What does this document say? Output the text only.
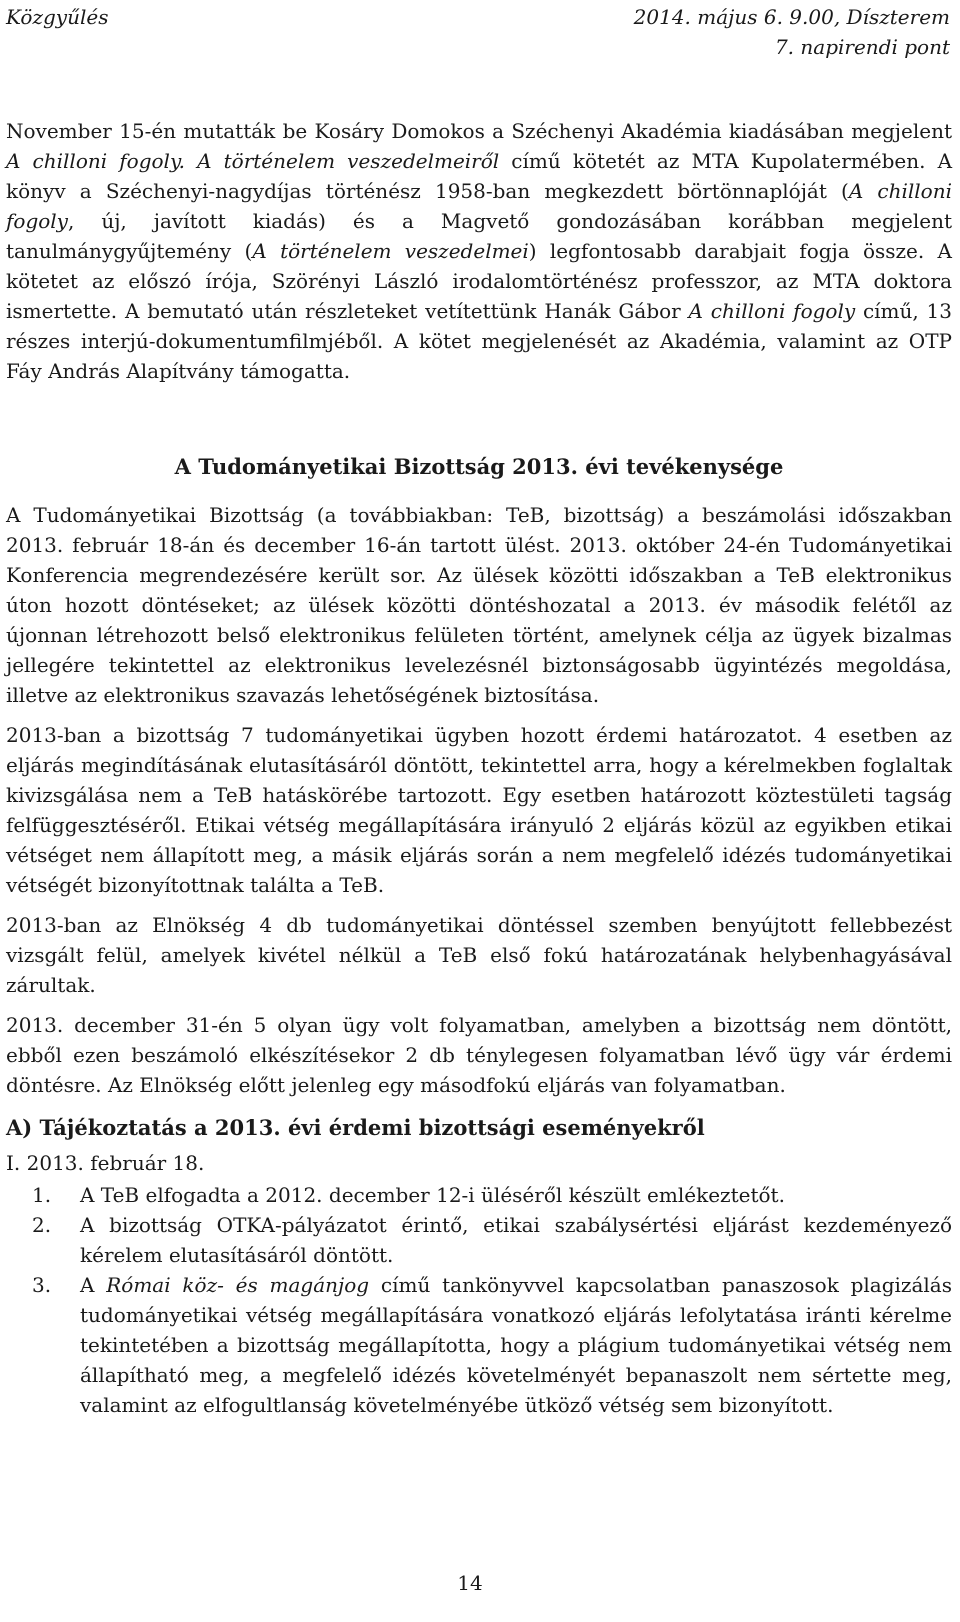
Közgyűlés	2014. május 6. 9.00, Díszterem
7. napirendi pont

November 15-én mutatták be Kosáry Domokos a Széchenyi Akadémia kiadásában megjelent A chilloni fogoly. A történelem veszedelmeiről című kötetét az MTA Kupolatermében. A könyv a Széchenyi-nagydíjas történész 1958-ban megkezdett börtönnaplóját (A chilloni fogoly, új, javított kiadás) és a Magvető gondozásában korábban megjelent tanulmánygyűjtemény (A történelem veszedelmei) legfontosabb darabjait fogja össze. A kötetet az előszó írója, Szörényi László irodalomtörténész professzor, az MTA doktora ismertette. A bemutató után részleteket vetítettünk Hanák Gábor A chilloni fogoly című, 13 részes interjú-dokumentumfilmjéből. A kötet megjelenését az Akadémia, valamint az OTP Fáy András Alapítvány támogatta.

A Tudományetikai Bizottság 2013. évi tevékenysége

A Tudományetikai Bizottság (a továbbiakban: TeB, bizottság) a beszámolási időszakban 2013. február 18-án és december 16-án tartott ülést. 2013. október 24-én Tudományetikai Konferencia megrendezésére került sor. Az ülések közötti időszakban a TeB elektronikus úton hozott döntéseket; az ülések közötti döntéshozatal a 2013. év második felétől az újonnan létrehozott belső elektronikus felületen történt, amelynek célja az ügyek bizalmas jellegére tekintettel az elektronikus levelezésnél biztonságosabb ügyintézés megoldása, illetve az elektronikus szavazás lehetőségének biztosítása.

2013-ban a bizottság 7 tudományetikai ügyben hozott érdemi határozatot. 4 esetben az eljárás megindításának elutasításáról döntött, tekintettel arra, hogy a kérelmekben foglaltak kivizsgálása nem a TeB hatáskörébe tartozott. Egy esetben határozott köztestületi tagság felfüggesztéséről. Etikai vétség megállapítására irányuló 2 eljárás közül az egyikben etikai vétséget nem állapított meg, a másik eljárás során a nem megfelelő idézés tudományetikai vétségét bizonyítottnak találta a TeB.

2013-ban az Elnökség 4 db tudományetikai döntéssel szemben benyújtott fellebbezést vizsgált felül, amelyek kivétel nélkül a TeB első fokú határozatának helybenhagyásával zárultak.

2013. december 31-én 5 olyan ügy volt folyamatban, amelyben a bizottság nem döntött, ebből ezen beszámoló elkészítésekor 2 db ténylegesen folyamatban lévő ügy vár érdemi döntésre. Az Elnökség előtt jelenleg egy másodfokú eljárás van folyamatban.

A) Tájékoztatás a 2013. évi érdemi bizottsági eseményekről
I. 2013. február 18.
1. A TeB elfogadta a 2012. december 12-i üléséről készült emlékeztetőt.
2. A bizottság OTKA-pályázatot érintő, etikai szabálysértési eljárást kezdeményező kérelem elutasításáról döntött.
3. A Római köz- és magánjog című tankönyvvel kapcsolatban panaszosok plagizálás tudományetikai vétség megállapítására vonatkozó eljárás lefolytatása iránti kérelme tekintetében a bizottság megállapította, hogy a plágium tudományetikai vétség nem állapítható meg, a megfelelő idézés követelményét bepanaszolt nem sértette meg, valamint az elfogultlanság követelményébe ütköző vétség sem bizonyított.
14
